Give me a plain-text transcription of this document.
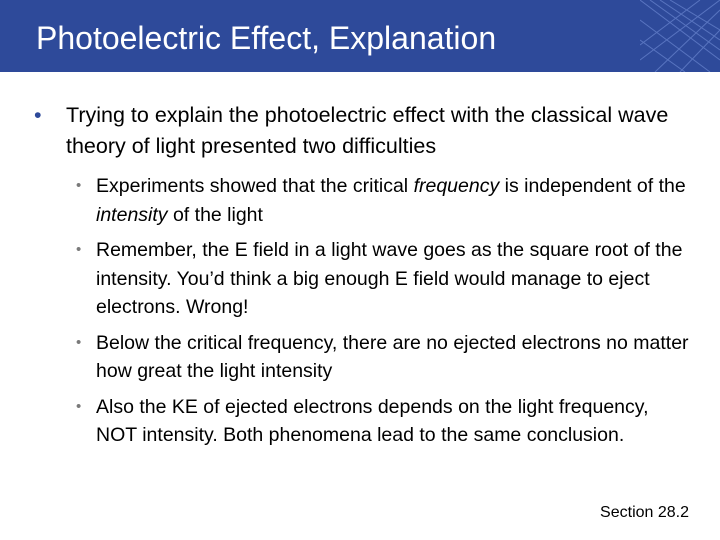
Photoelectric Effect, Explanation
• Trying to explain the photoelectric effect with the classical wave theory of light presented two difficulties
• Experiments showed that the critical frequency is independent of the intensity of the light
• Remember, the E field in a light wave goes as the square root of the intensity. You’d think a big enough E field would manage to eject electrons. Wrong!
• Below the critical frequency, there are no ejected electrons no matter how great the light intensity
• Also the KE of ejected electrons depends on the light frequency, NOT intensity. Both phenomena lead to the same conclusion.
Section 28.2
